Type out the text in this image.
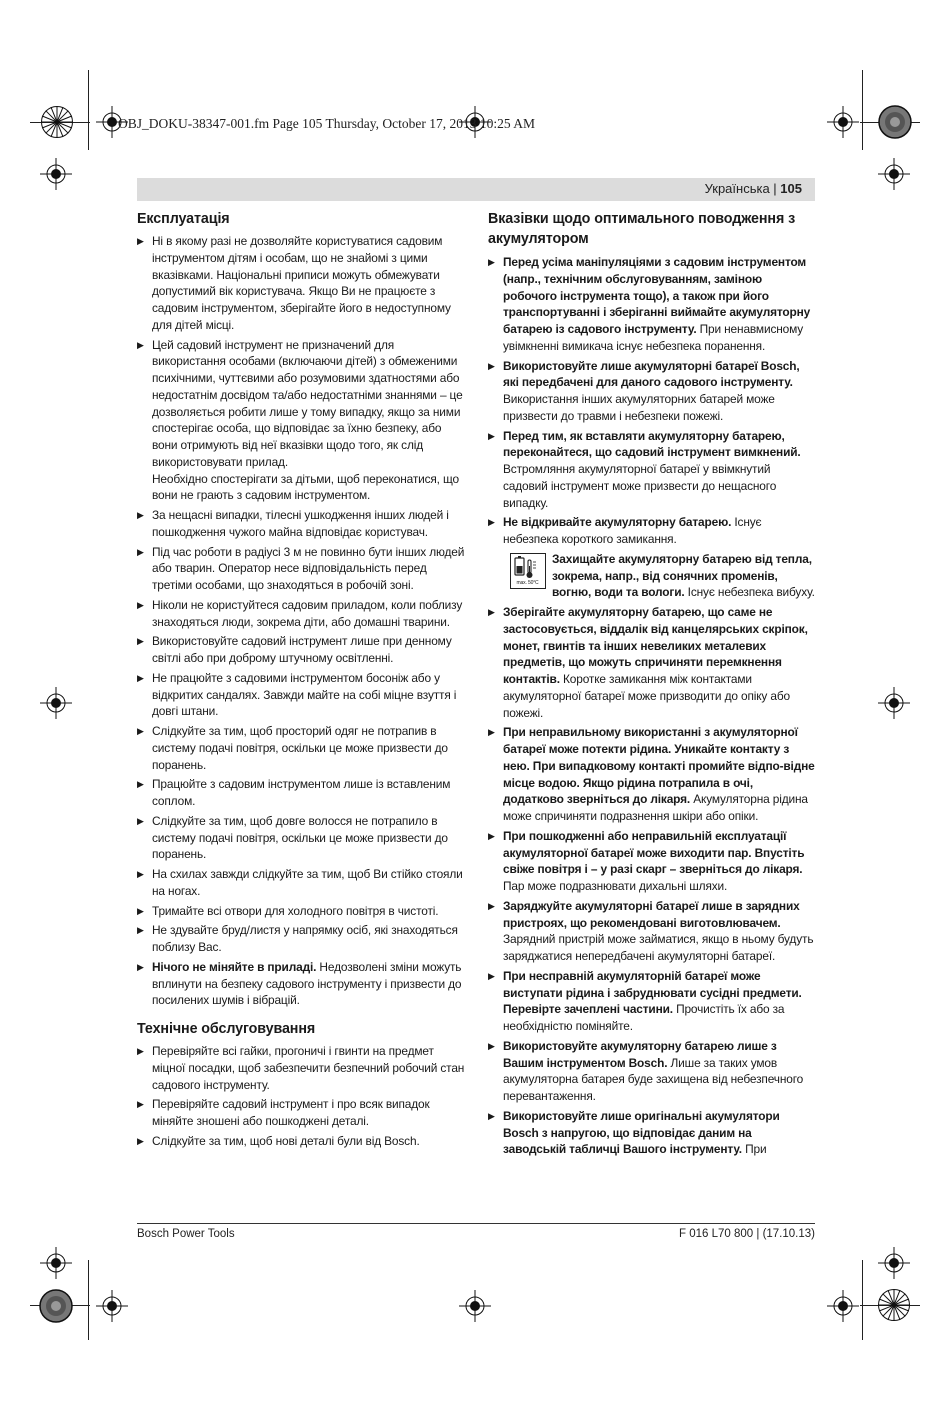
OBJ_DOKU-38347-001.fm Page 105 Thursday, October 17, 2013 10:25 AM
Українська | 105
Експлуатація
▶ Ні в якому разі не дозволяйте користуватися садовим інструментом дітям і особам, що не знайомі з цими вказівками. Національні приписи можуть обмежувати допустимий вік користувача. Якщо Ви не працюєте з садовим інструментом, зберігайте його в недоступному для дітей місці.
▶ Цей садовий інструмент не призначений для використання особами (включаючи дітей) з обмеженими психічними, чуттєвими або розумовими здатностями або недостатнім досвідом та/або недостатніми знаннями – це дозволяється робити лише у тому випадку, якщо за ними спостерігає особа, що відповідає за їхню безпеку, або вони отримують від неї вказівки щодо того, як слід використовувати прилад.
Необхідно спостерігати за дітьми, щоб переконатися, що вони не грають з садовим інструментом.
▶ За нещасні випадки, тілесні ушкодження інших людей і пошкодження чужого майна відповідає користувач.
▶ Під час роботи в радіусі 3 м не повинно бути інших людей або тварин. Оператор несе відповідальність перед третіми особами, що знаходяться в робочій зоні.
▶ Ніколи не користуйтеся садовим приладом, коли поблизу знаходяться люди, зокрема діти, або домашні тварини.
▶ Використовуйте садовий інструмент лише при денному світлі або при доброму штучному освітленні.
▶ Не працюйте з садовими інструментом босоніж або у відкритих сандалях. Завжди майте на собі міцне взуття і довгі штани.
▶ Слідкуйте за тим, щоб просторий одяг не потрапив в систему подачі повітря, оскільки це може призвести до поранень.
▶ Працюйте з садовим інструментом лише із вставленим соплом.
▶ Слідкуйте за тим, щоб довге волосся не потрапило в систему подачі повітря, оскільки це може призвести до поранень.
▶ На схилах завжди слідкуйте за тим, щоб Ви стійко стояли на ногах.
▶ Тримайте всі отвори для холодного повітря в чистоті.
▶ Не здувайте бруд/листя у напрямку осіб, які знаходяться поблизу Вас.
▶ Нічого не міняйте в приладі. Недозволені зміни можуть вплинути на безпеку садового інструменту і призвести до посилених шумів і вібрацій.
Технічне обслуговування
▶ Перевіряйте всі гайки, прогоничі і гвинти на предмет міцної посадки, щоб забезпечити безпечний робочий стан садового інструменту.
▶ Перевіряйте садовий інструмент і про всяк випадок міняйте зношені або пошкоджені деталі.
▶ Слідкуйте за тим, щоб нові деталі були від Bosch.
Вказівки щодо оптимального поводження з акумулятором
▶ Перед усіма маніпуляціями з садовим інструментом (напр., технічним обслуговуванням, заміною робочого інструмента тощо), а також при його транспортуванні і зберіганні виймайте акумуляторну батарею із садового інструменту. При ненавмисному увімкненні вимикача існує небезпека поранення.
▶ Використовуйте лише акумуляторні батареї Bosch, які передбачені для даного садового інструменту. Використання інших акумуляторних батарей може призвести до травми і небезпеки пожежі.
▶ Перед тим, як вставляти акумуляторну батарею, переконайтеся, що садовий інструмент вимкнений. Встромляння акумуляторної батареї у ввімкнутий садовий інструмент може призвести до нещасного випадку.
▶ Не відкривайте акумуляторну батарею. Існує небезпека короткого замикання.
max. 50°C
Захищайте акумуляторну батарею від тепла, зокрема, напр., від сонячних променів, вогню, води та вологи. Існує небезпека вибуху.
▶ Зберігайте акумуляторну батарею, що саме не застосовується, віддалік від канцелярських скріпок, монет, гвинтів та інших невеликих металевих предметів, що можуть спричиняти перемкнення контактів. Коротке замикання між контактами акумуляторної батареї може призводити до опіку або пожежі.
▶ При неправильному використанні з акумуляторної батареї може потекти рідина. Уникайте контакту з нею. При випадковому контакті промийте відпо-відне місце водою. Якщо рідина потрапила в очі, додатково зверніться до лікаря. Акумуляторна рідина може спричиняти подразнення шкіри або опіки.
▶ При пошкодженні або неправильній експлуатації акумуляторної батареї може виходити пар. Впустіть свіже повітря і – у разі скарг – зверніться до лікаря. Пар може подразнювати дихальні шляхи.
▶ Заряджуйте акумуляторні батареї лише в зарядних пристроях, що рекомендовані виготовлювачем. Зарядний пристрій може займатися, якщо в ньому будуть заряджатися непередбачені акумуляторні батареї.
▶ При несправній акумуляторній батареї може виступати рідина і забруднювати сусідні предмети. Перевірте зачеплені частини. Прочистіть їх або за необхідністю поміняйте.
▶ Використовуйте акумуляторну батарею лише з Вашим інструментом Bosch. Лише за таких умов акумуляторна батарея буде захищена від небезпечного перевантаження.
▶ Використовуйте лише оригінальні акумулятори Bosch з напругою, що відповідає даним на заводській табличці Вашого інструменту. При
Bosch Power Tools	F 016 L70 800 | (17.10.13)
